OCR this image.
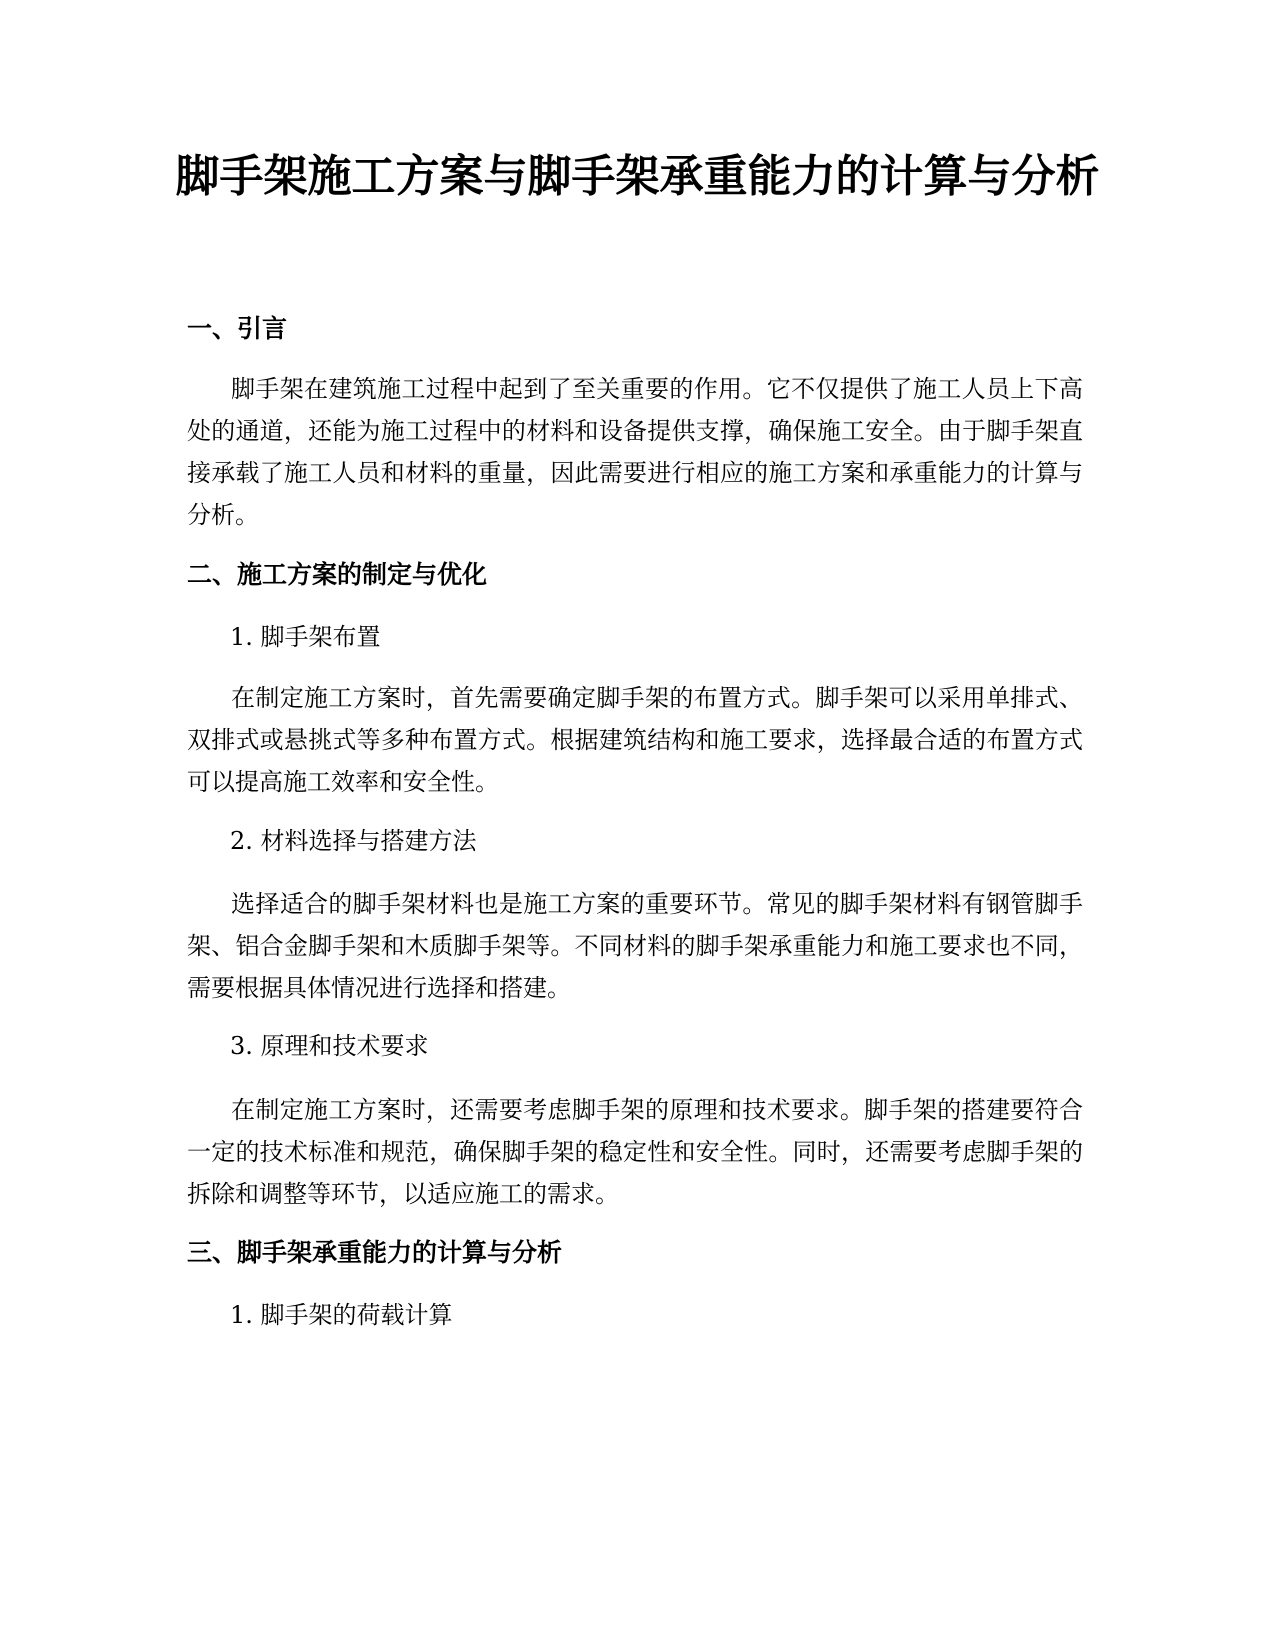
脚手架施工方案与脚手架承重能力的计算与分析
一、引言

脚手架在建筑施工过程中起到了至关重要的作用。它不仅提供了施工人员上下高处的通道，还能为施工过程中的材料和设备提供支撑，确保施工安全。由于脚手架直接承载了施工人员和材料的重量，因此需要进行相应的施工方案和承重能力的计算与分析。

二、施工方案的制定与优化
1. 脚手架布置

在制定施工方案时，首先需要确定脚手架的布置方式。脚手架可以采用单排式、双排式或悬挑式等多种布置方式。根据建筑结构和施工要求，选择最合适的布置方式可以提高施工效率和安全性。

2. 材料选择与搭建方法

选择适合的脚手架材料也是施工方案的重要环节。常见的脚手架材料有钢管脚手架、铝合金脚手架和木质脚手架等。不同材料的脚手架承重能力和施工要求也不同，需要根据具体情况进行选择和搭建。

3. 原理和技术要求

在制定施工方案时，还需要考虑脚手架的原理和技术要求。脚手架的搭建要符合一定的技术标准和规范，确保脚手架的稳定性和安全性。同时，还需要考虑脚手架的拆除和调整等环节，以适应施工的需求。

三、脚手架承重能力的计算与分析
1. 脚手架的荷载计算
